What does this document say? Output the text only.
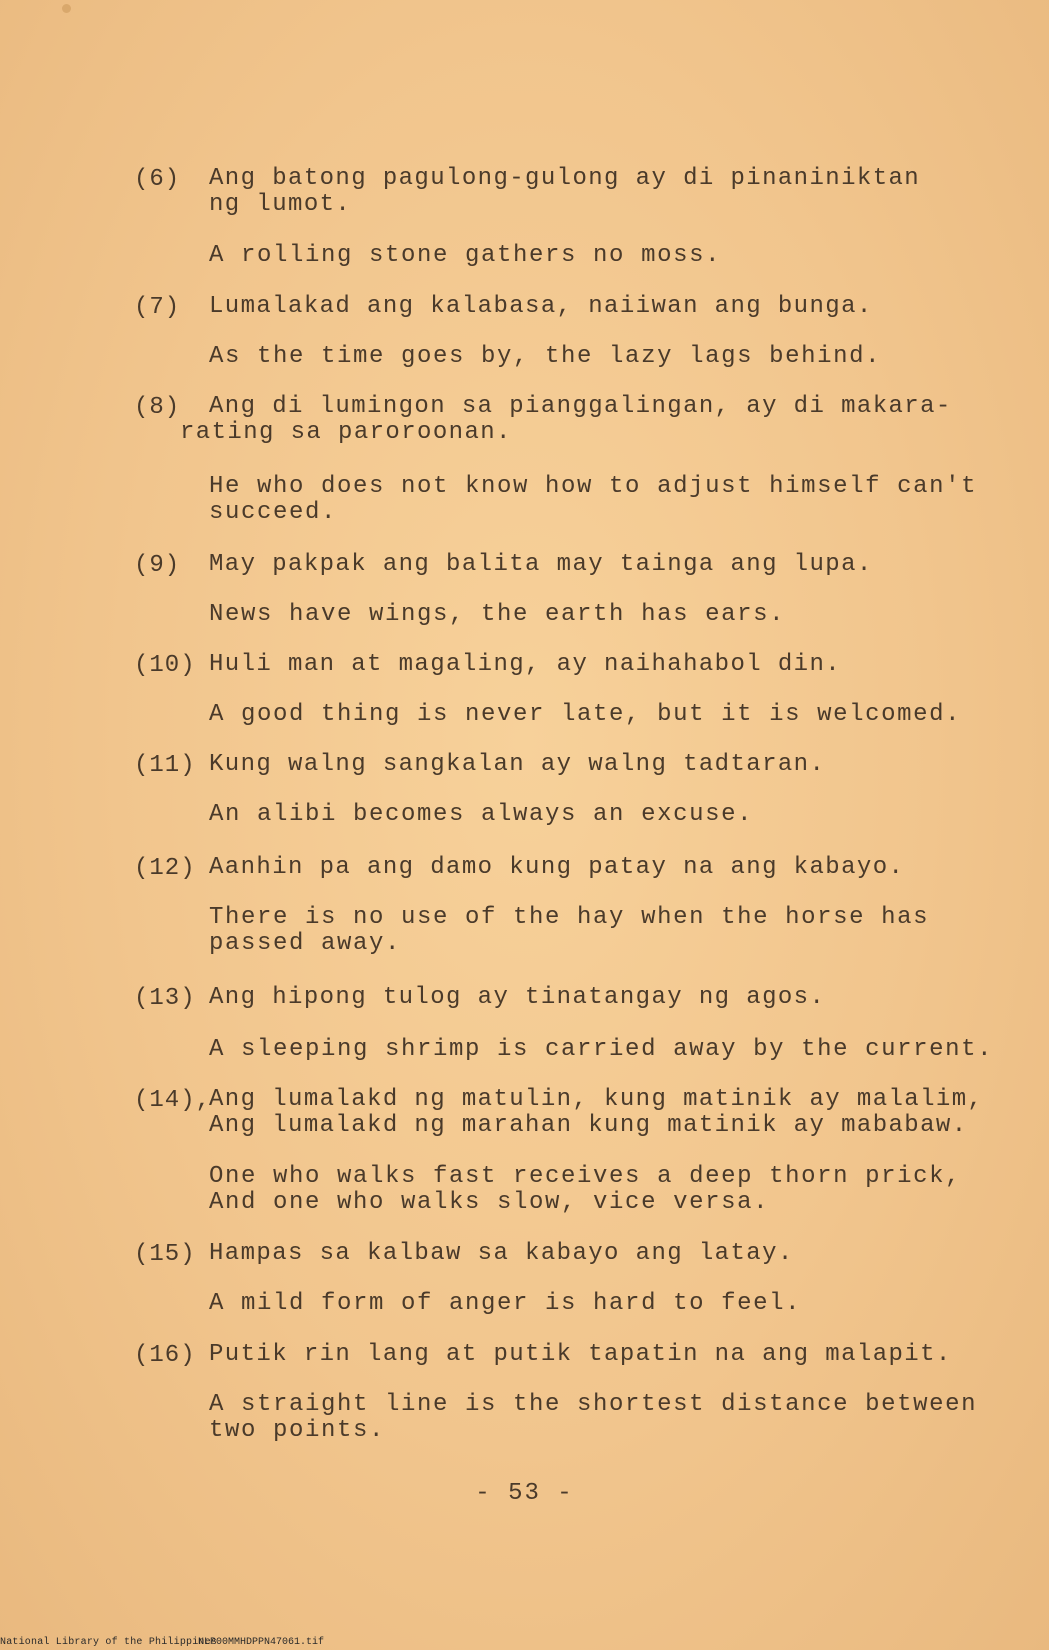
(6) Ang batong pagulong-gulong ay di pinaniniktan
ng lumot.
A rolling stone gathers no moss.
(7) Lumalakad ang kalabasa, naiiwan ang bunga.
As the time goes by, the lazy lags behind.
(8) Ang di lumingon sa pianggalingan, ay di makara-
rating sa paroroonan.
He who does not know how to adjust himself can't
succeed.
(9) May pakpak ang balita may tainga ang lupa.
News have wings, the earth has ears.
(10) Huli man at magaling, ay naihahabol din.
A good thing is never late, but it is welcomed.
(11) Kung walng sangkalan ay walng tadtaran.
An alibi becomes always an excuse.
(12) Aanhin pa ang damo kung patay na ang kabayo.
There is no use of the hay when the horse has
passed away.
(13) Ang hipong tulog ay tinatangay ng agos.
A sleeping shrimp is carried away by the current.
(14),
Ang lumalakd ng matulin, kung matinik ay malalim,
Ang lumalakd ng marahan kung matinik ay mababaw.
One who walks fast receives a deep thorn prick,
And one who walks slow, vice versa.
(15) Hampas sa kalbaw sa kabayo ang latay.
A mild form of anger is hard to feel.
(16) Putik rin lang at putik tapatin na ang malapit.
A straight line is the shortest distance between
two points.
- 53 -
National Library of the Philippines
NLP00MMHDPPN47061.tif
